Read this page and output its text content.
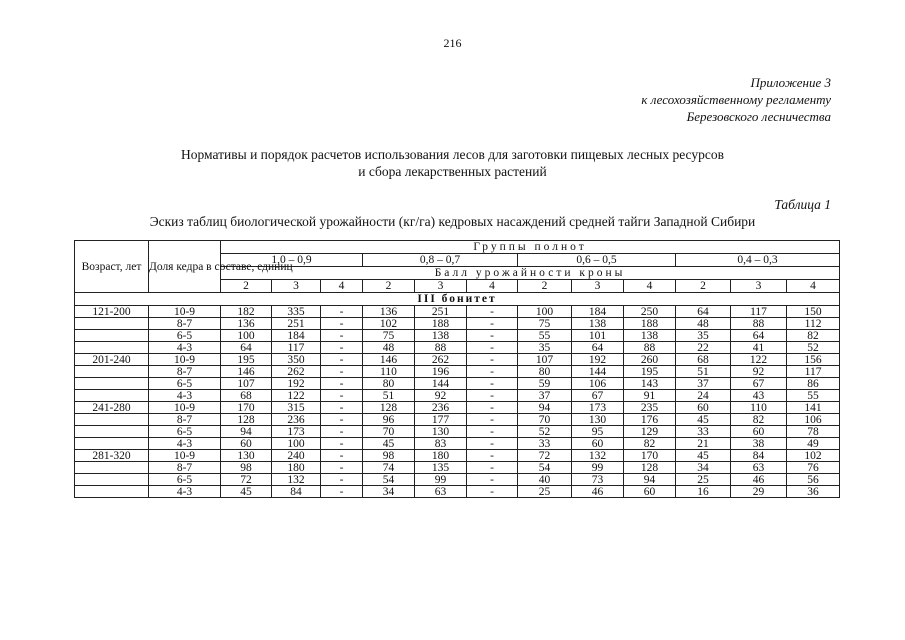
216
Приложение 3
к лесохозяйственному регламенту
Березовского лесничества
Нормативы и порядок расчетов использования лесов для заготовки пищевых лесных ресурсов
и сбора лекарственных растений
Таблица 1
Эскиз таблиц биологической урожайности (кг/га) кедровых насаждений средней тайги Западной Сибири
Возраст, лет	Доля кедра в составе, единиц	Группы полнот											
		1,0 – 0,9			0,8 – 0,7			0,6 – 0,5			0,4 – 0,3		
		Балл урожайности кроны											
		2	3	4	2	3	4	2	3	4	2	3	4
III бонитет													
121-200	10-9	182	335	-	136	251	-	100	184	250	64	117	150
	8-7	136	251	-	102	188	-	75	138	188	48	88	112
	6-5	100	184	-	75	138	-	55	101	138	35	64	82
	4-3	64	117	-	48	88	-	35	64	88	22	41	52
201-240	10-9	195	350	-	146	262	-	107	192	260	68	122	156
	8-7	146	262	-	110	196	-	80	144	195	51	92	117
	6-5	107	192	-	80	144	-	59	106	143	37	67	86
	4-3	68	122	-	51	92	-	37	67	91	24	43	55
241-280	10-9	170	315	-	128	236	-	94	173	235	60	110	141
	8-7	128	236	-	96	177	-	70	130	176	45	82	106
	6-5	94	173	-	70	130	-	52	95	129	33	60	78
	4-3	60	100	-	45	83	-	33	60	82	21	38	49
281-320	10-9	130	240	-	98	180	-	72	132	170	45	84	102
	8-7	98	180	-	74	135	-	54	99	128	34	63	76
	6-5	72	132	-	54	99	-	40	73	94	25	46	56
	4-3	45	84	-	34	63	-	25	46	60	16	29	36
